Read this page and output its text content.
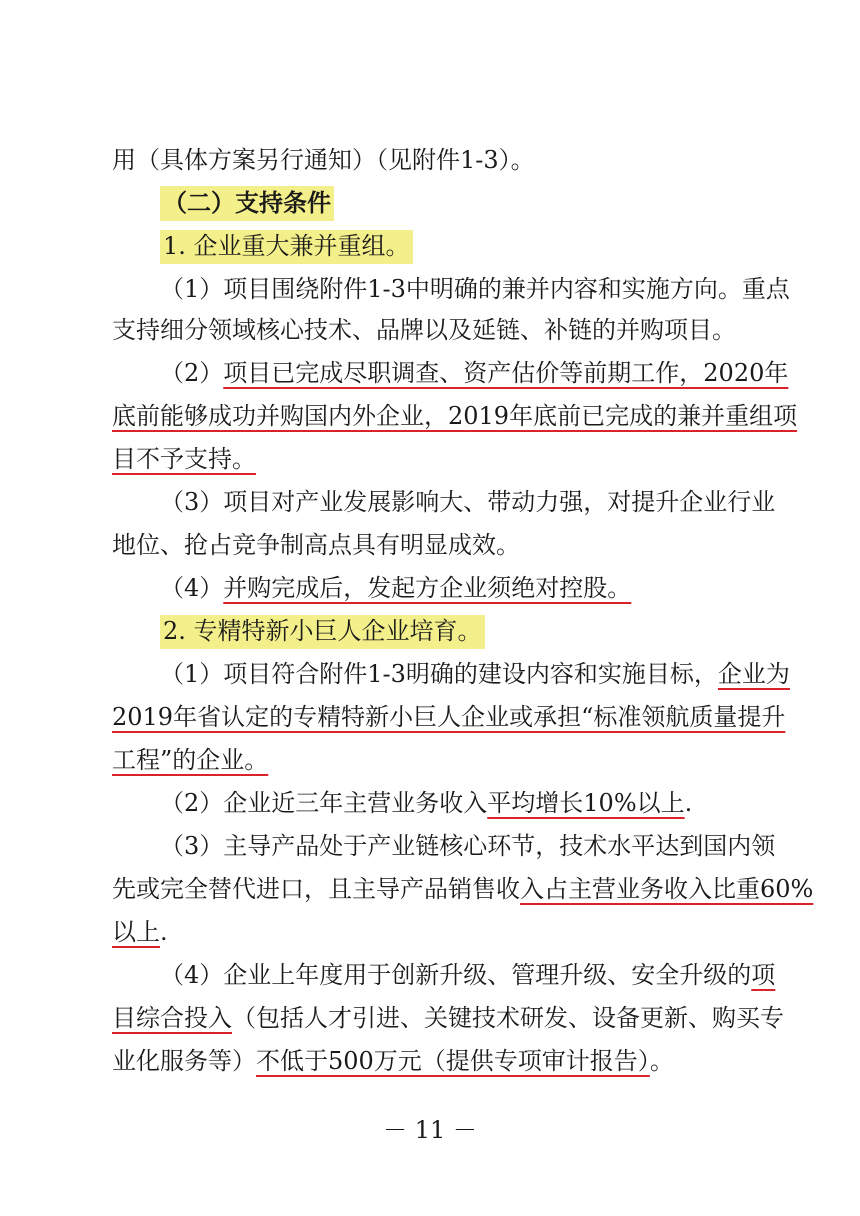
用（具体方案另行通知）（见附件1-3）。
（二）支持条件
1. 企业重大兼并重组。
（1）项目围绕附件1-3中明确的兼并内容和实施方向。重点
支持细分领域核心技术、品牌以及延链、补链的并购项目。
（2）项目已完成尽职调查、资产估价等前期工作，2020年
底前能够成功并购国内外企业，2019年底前已完成的兼并重组项
目不予支持。
（3）项目对产业发展影响大、带动力强，对提升企业行业
地位、抢占竞争制高点具有明显成效。
（4）并购完成后，发起方企业须绝对控股。
2. 专精特新小巨人企业培育。
（1）项目符合附件1-3明确的建设内容和实施目标，企业为
2019年省认定的专精特新小巨人企业或承担“标准领航质量提升
工程”的企业。
（2）企业近三年主营业务收入平均增长10%以上.
（3）主导产品处于产业链核心环节，技术水平达到国内领
先或完全替代进口，且主导产品销售收入占主营业务收入比重60%
以上.
（4）企业上年度用于创新升级、管理升级、安全升级的项
目综合投入（包括人才引进、关键技术研发、设备更新、购买专
业化服务等）不低于500万元（提供专项审计报告）。
－ 11 －
